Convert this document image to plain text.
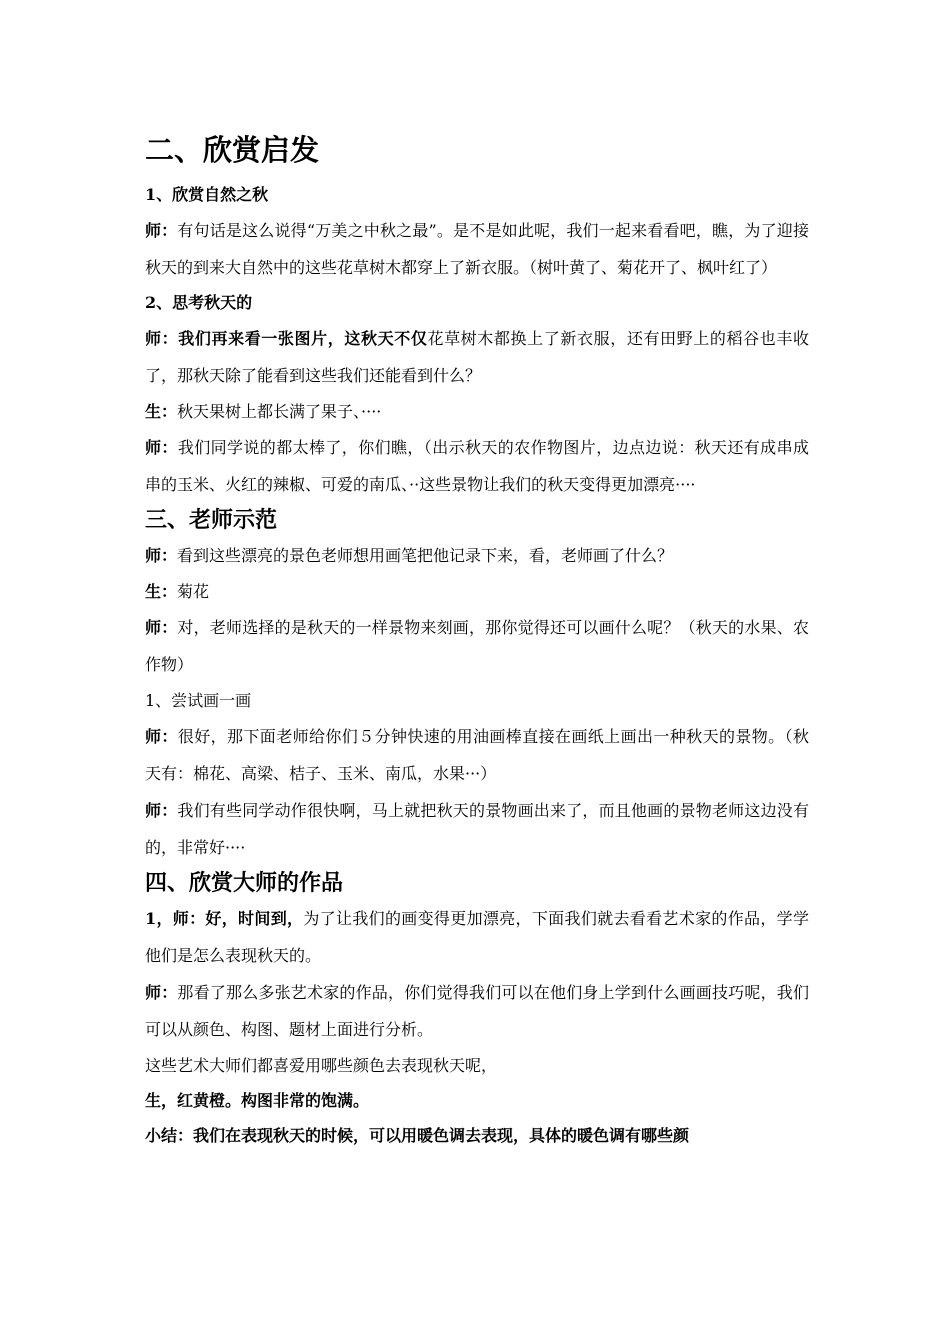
二、欣赏启发
1、欣赏自然之秋

师：有句话是这么说得“万美之中秋之最”。是不是如此呢，我们一起来看看吧，瞧，为了迎接秋天的到来大自然中的这些花草树木都穿上了新衣服。（树叶黄了、菊花开了、枫叶红了）

2、思考秋天的

师：我们再来看一张图片，这秋天不仅花草树木都换上了新衣服，还有田野上的稻谷也丰收了，那秋天除了能看到这些我们还能看到什么？

生：秋天果树上都长满了果子、····

师：我们同学说的都太棒了，你们瞧，（出示秋天的农作物图片，边点边说：秋天还有成串成串的玉米、火红的辣椒、可爱的南瓜、··这些景物让我们的秋天变得更加漂亮····

三、老师示范

师：看到这些漂亮的景色老师想用画笔把他记录下来，看，老师画了什么？

生：菊花

师：对，老师选择的是秋天的一样景物来刻画，那你觉得还可以画什么呢？（秋天的水果、农作物）

1、尝试画一画

师：很好，那下面老师给你们５分钟快速的用油画棒直接在画纸上画出一种秋天的景物。（秋天有：棉花、高梁、桔子、玉米、南瓜，水果···）

师：我们有些同学动作很快啊，马上就把秋天的景物画出来了，而且他画的景物老师这边没有的，非常好····

四、欣赏大师的作品

1，师：好，时间到，为了让我们的画变得更加漂亮，下面我们就去看看艺术家的作品，学学他们是怎么表现秋天的。

师：那看了那么多张艺术家的作品，你们觉得我们可以在他们身上学到什么画画技巧呢，我们可以从颜色、构图、题材上面进行分析。

这些艺术大师们都喜爱用哪些颜色去表现秋天呢，

生，红黄橙。构图非常的饱满。

小结：我们在表现秋天的时候，可以用暖色调去表现，具体的暖色调有哪些颜
